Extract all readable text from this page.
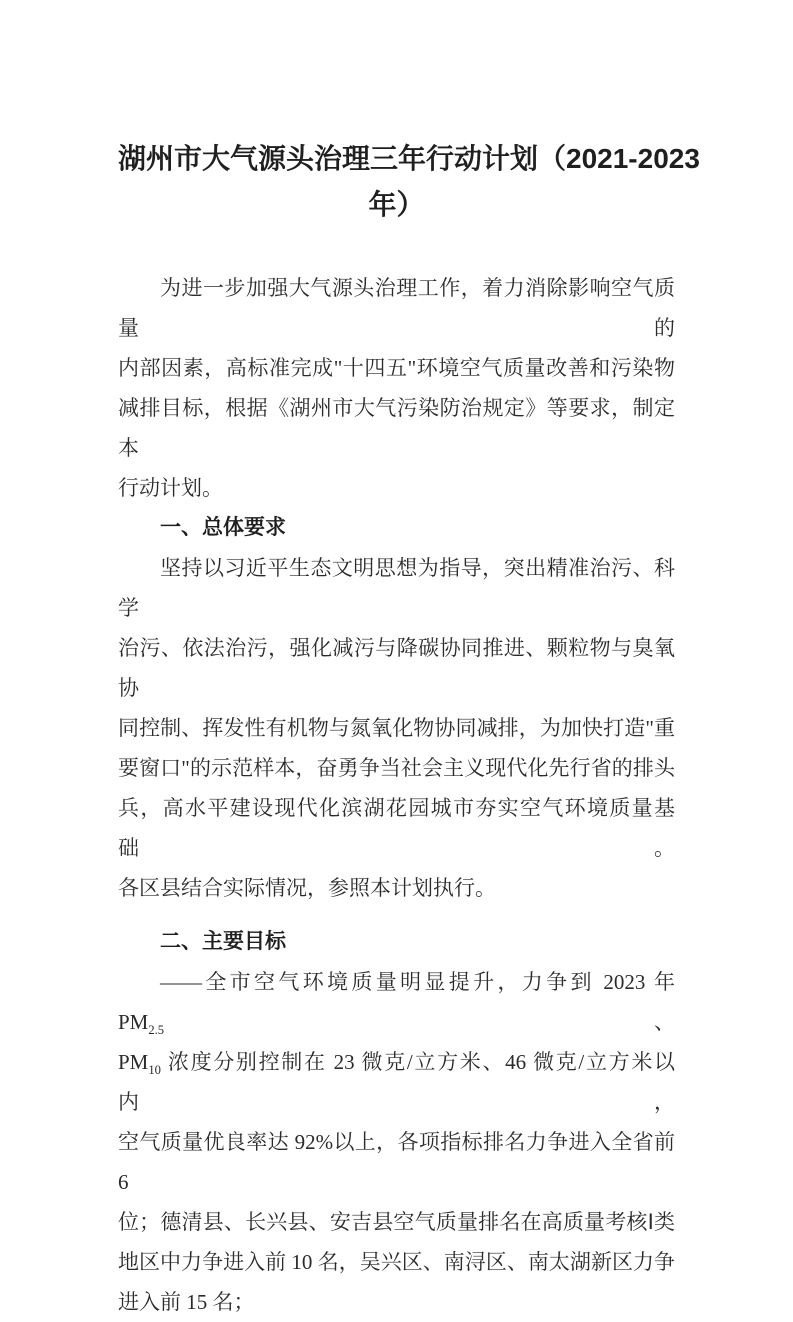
湖州市大气源头治理三年行动计划（2021-2023
年）
为进一步加强大气源头治理工作，着力消除影响空气质量的
内部因素，高标准完成"十四五"环境空气质量改善和污染物
减排目标，根据《湖州市大气污染防治规定》等要求，制定本
行动计划。
一、总体要求
坚持以习近平生态文明思想为指导，突出精准治污、科学
治污、依法治污，强化减污与降碳协同推进、颗粒物与臭氧协
同控制、挥发性有机物与氮氧化物协同减排，为加快打造"重
要窗口"的示范样本，奋勇争当社会主义现代化先行省的排头
兵，高水平建设现代化滨湖花园城市夯实空气环境质量基础。
各区县结合实际情况，参照本计划执行。
二、主要目标
——全市空气环境质量明显提升，力争到 2023 年 $PM_{2.5}$、
$PM_{10}$ 浓度分别控制在 23 微克/立方米、46 微克/立方米以内，
空气质量优良率达 92%以上，各项指标排名力争进入全省前 6
位；德清县、长兴县、安吉县空气质量排名在高质量考核Ⅰ类
地区中力争进入前 10 名，吴兴区、南浔区、南太湖新区力争
进入前 15 名；
